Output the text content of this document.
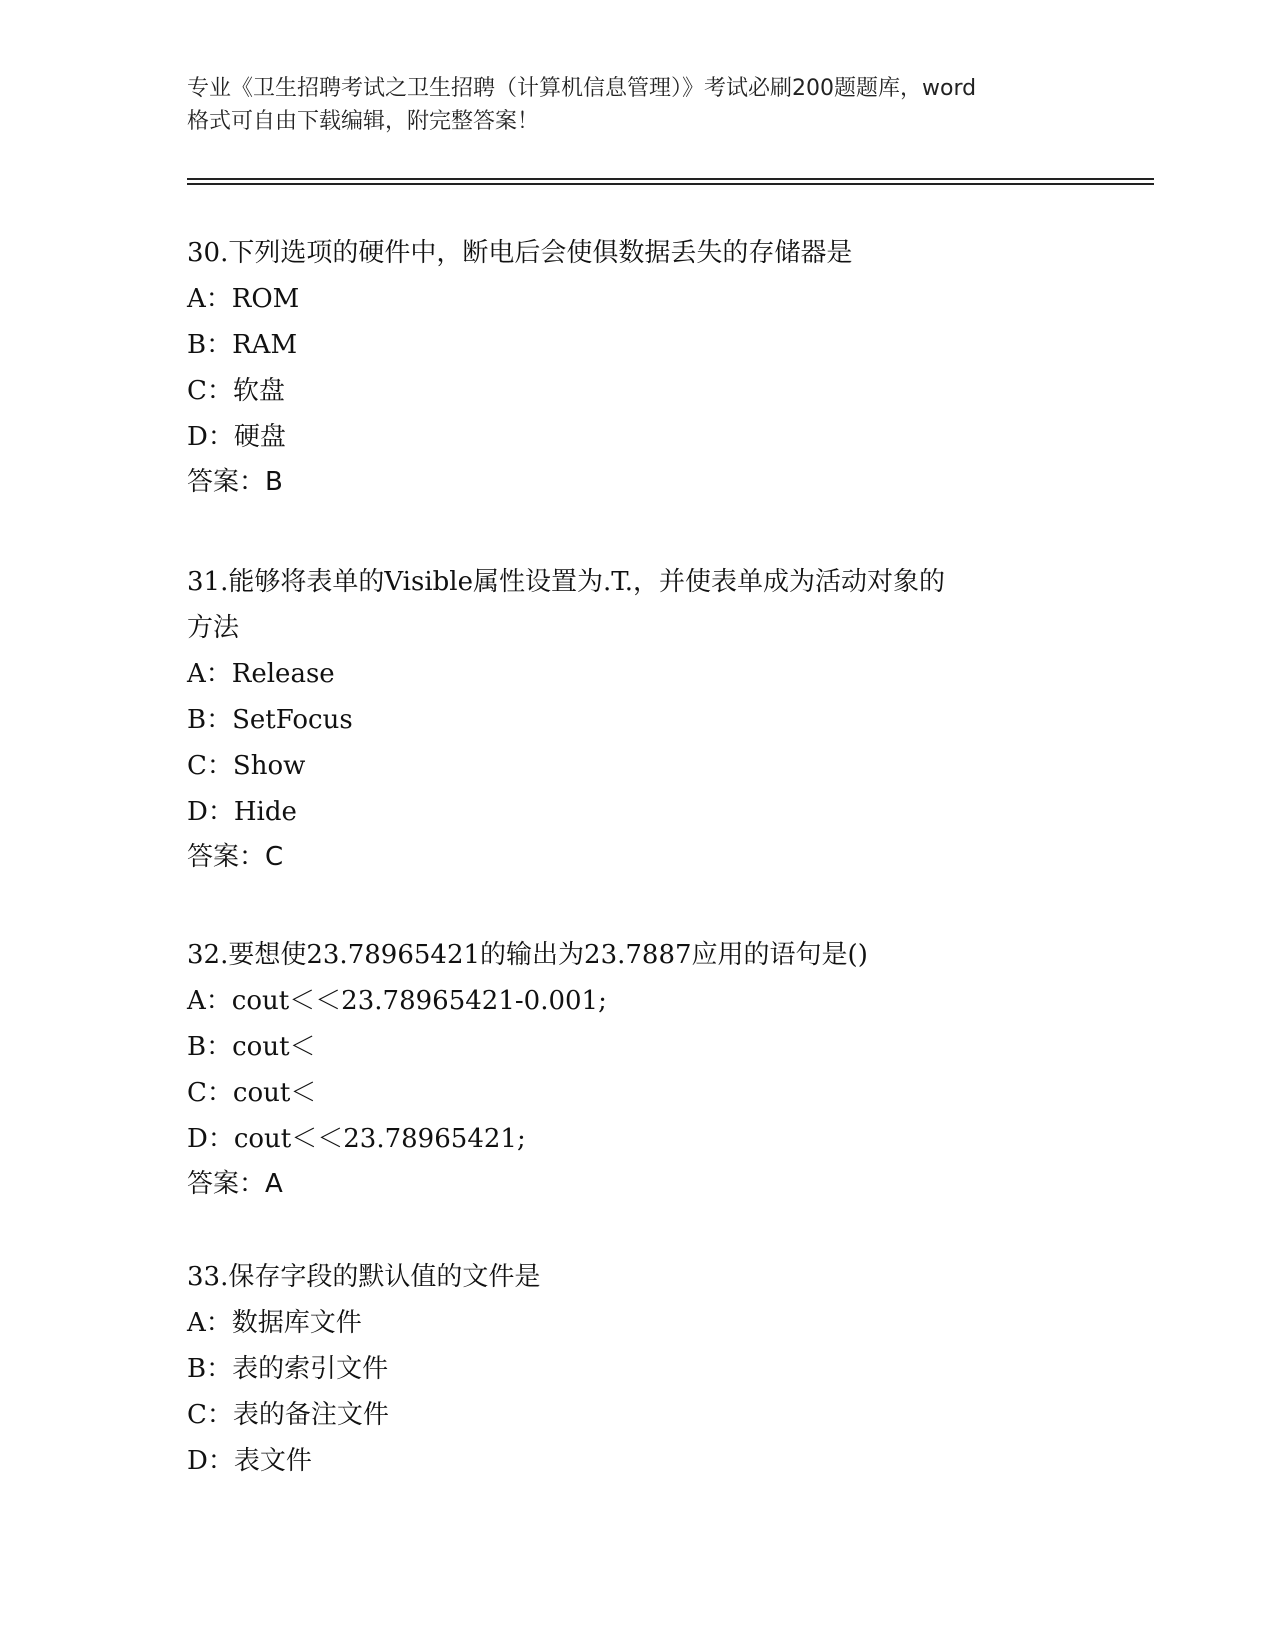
专业《卫生招聘考试之卫生招聘（计算机信息管理）》考试必刷200题题库，word
格式可自由下载编辑，附完整答案！
30.下列选项的硬件中，断电后会使俱数据丢失的存储器是
A：ROM
B：RAM
C：软盘
D：硬盘
答案：B
31.能够将表单的Visible属性设置为.T.，并使表单成为活动对象的
方法
A：Release
B：SetFocus
C：Show
D：Hide
答案：C
32.要想使23.78965421的输出为23.7887应用的语句是()
A：cout＜＜23.78965421-0.001;
B：cout＜
C：cout＜
D：cout＜＜23.78965421;
答案：A
33.保存字段的默认值的文件是
A：数据库文件
B：表的索引文件
C：表的备注文件
D：表文件
